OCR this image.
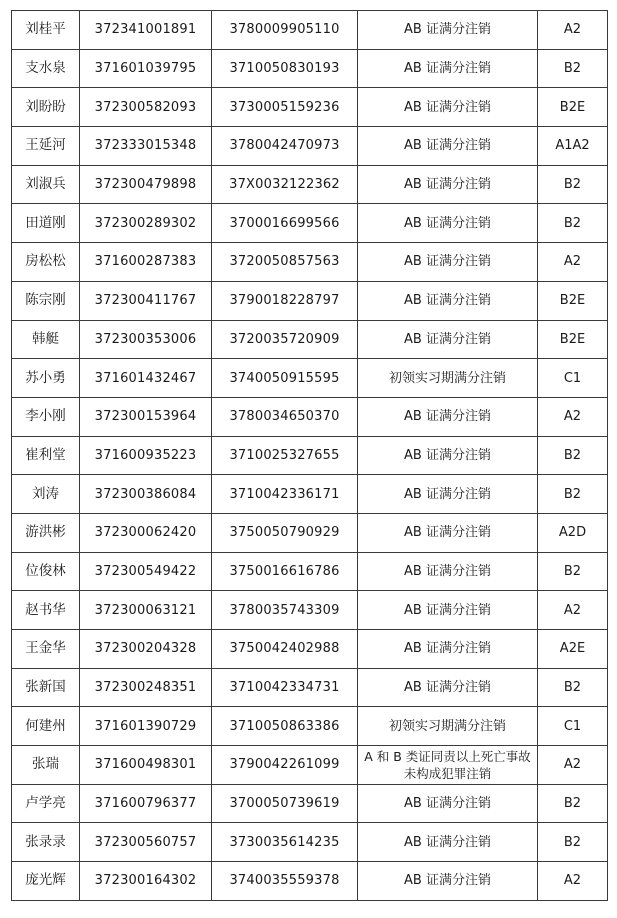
刘桂平	372341001891	3780009905110	AB 证满分注销	A2
支水泉	371601039795	3710050830193	AB 证满分注销	B2
刘盼盼	372300582093	3730005159236	AB 证满分注销	B2E
王延河	372333015348	3780042470973	AB 证满分注销	A1A2
刘淑兵	372300479898	37X0032122362	AB 证满分注销	B2
田道刚	372300289302	3700016699566	AB 证满分注销	B2
房松松	371600287383	3720050857563	AB 证满分注销	A2
陈宗刚	372300411767	3790018228797	AB 证满分注销	B2E
韩艇	372300353006	3720035720909	AB 证满分注销	B2E
苏小勇	371601432467	3740050915595	初领实习期满分注销	C1
李小刚	372300153964	3780034650370	AB 证满分注销	A2
崔利堂	371600935223	3710025327655	AB 证满分注销	B2
刘涛	372300386084	3710042336171	AB 证满分注销	B2
游洪彬	372300062420	3750050790929	AB 证满分注销	A2D
位俊林	372300549422	3750016616786	AB 证满分注销	B2
赵书华	372300063121	3780035743309	AB 证满分注销	A2
王金华	372300204328	3750042402988	AB 证满分注销	A2E
张新国	372300248351	3710042334731	AB 证满分注销	B2
何建州	371601390729	3710050863386	初领实习期满分注销	C1
张瑞	371600498301	3790042261099	A 和 B 类证同责以上死亡事故未构成犯罪注销	A2
卢学亮	371600796377	3700050739619	AB 证满分注销	B2
张录录	372300560757	3730035614235	AB 证满分注销	B2
庞光辉	372300164302	3740035559378	AB 证满分注销	A2
